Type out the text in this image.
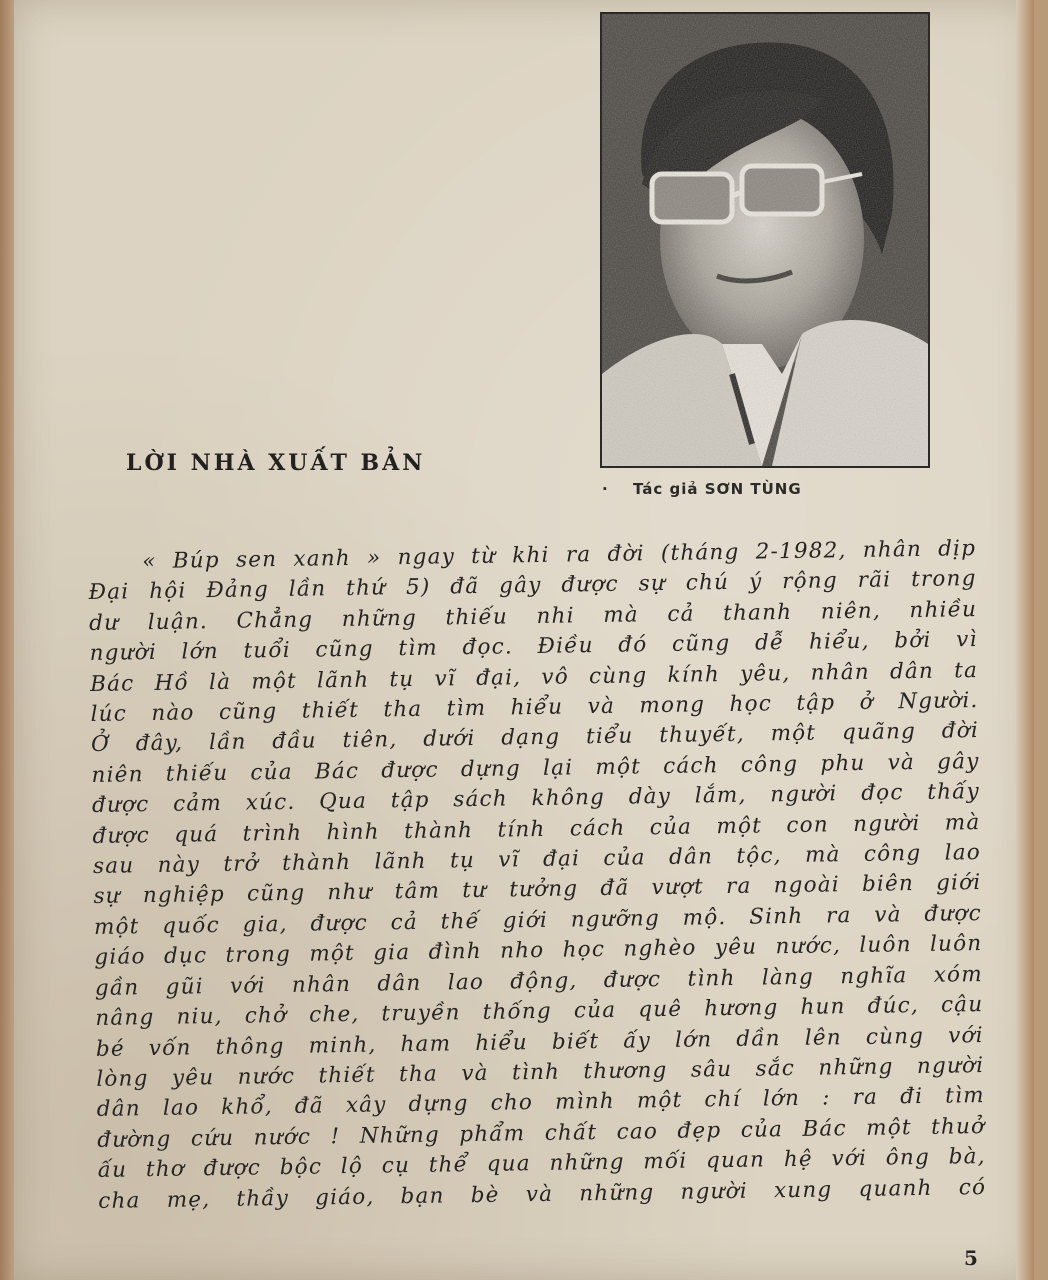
· Tác giả SƠN TÙNG
LỜI NHÀ XUẤT BẢN
« Búp sen xanh » ngay từ khi ra đời (tháng 2-1982, nhân dịp
Đại hội Đảng lần thứ 5) đã gây được sự chú ý rộng rãi trong
dư luận. Chẳng những thiếu nhi mà cả thanh niên, nhiều
người lớn tuổi cũng tìm đọc. Điều đó cũng dễ hiểu, bởi vì
Bác Hồ là một lãnh tụ vĩ đại, vô cùng kính yêu, nhân dân ta
lúc nào cũng thiết tha tìm hiểu và mong học tập ở Người.
Ở đây, lần đầu tiên, dưới dạng tiểu thuyết, một quãng đời
niên thiếu của Bác được dựng lại một cách công phu và gây
được cảm xúc. Qua tập sách không dày lắm, người đọc thấy
được quá trình hình thành tính cách của một con người mà
sau này trở thành lãnh tụ vĩ đại của dân tộc, mà công lao
sự nghiệp cũng như tâm tư tưởng đã vượt ra ngoài biên giới
một quốc gia, được cả thế giới ngưỡng mộ. Sinh ra và được
giáo dục trong một gia đình nho học nghèo yêu nước, luôn luôn
gần gũi với nhân dân lao động, được tình làng nghĩa xóm
nâng niu, chở che, truyền thống của quê hương hun đúc, cậu
bé vốn thông minh, ham hiểu biết ấy lớn dần lên cùng với
lòng yêu nước thiết tha và tình thương sâu sắc những người
dân lao khổ, đã xây dựng cho mình một chí lớn : ra đi tìm
đường cứu nước ! Những phẩm chất cao đẹp của Bác một thuở
ấu thơ được bộc lộ cụ thể qua những mối quan hệ với ông bà,
cha mẹ, thầy giáo, bạn bè và những người xung quanh có
5
